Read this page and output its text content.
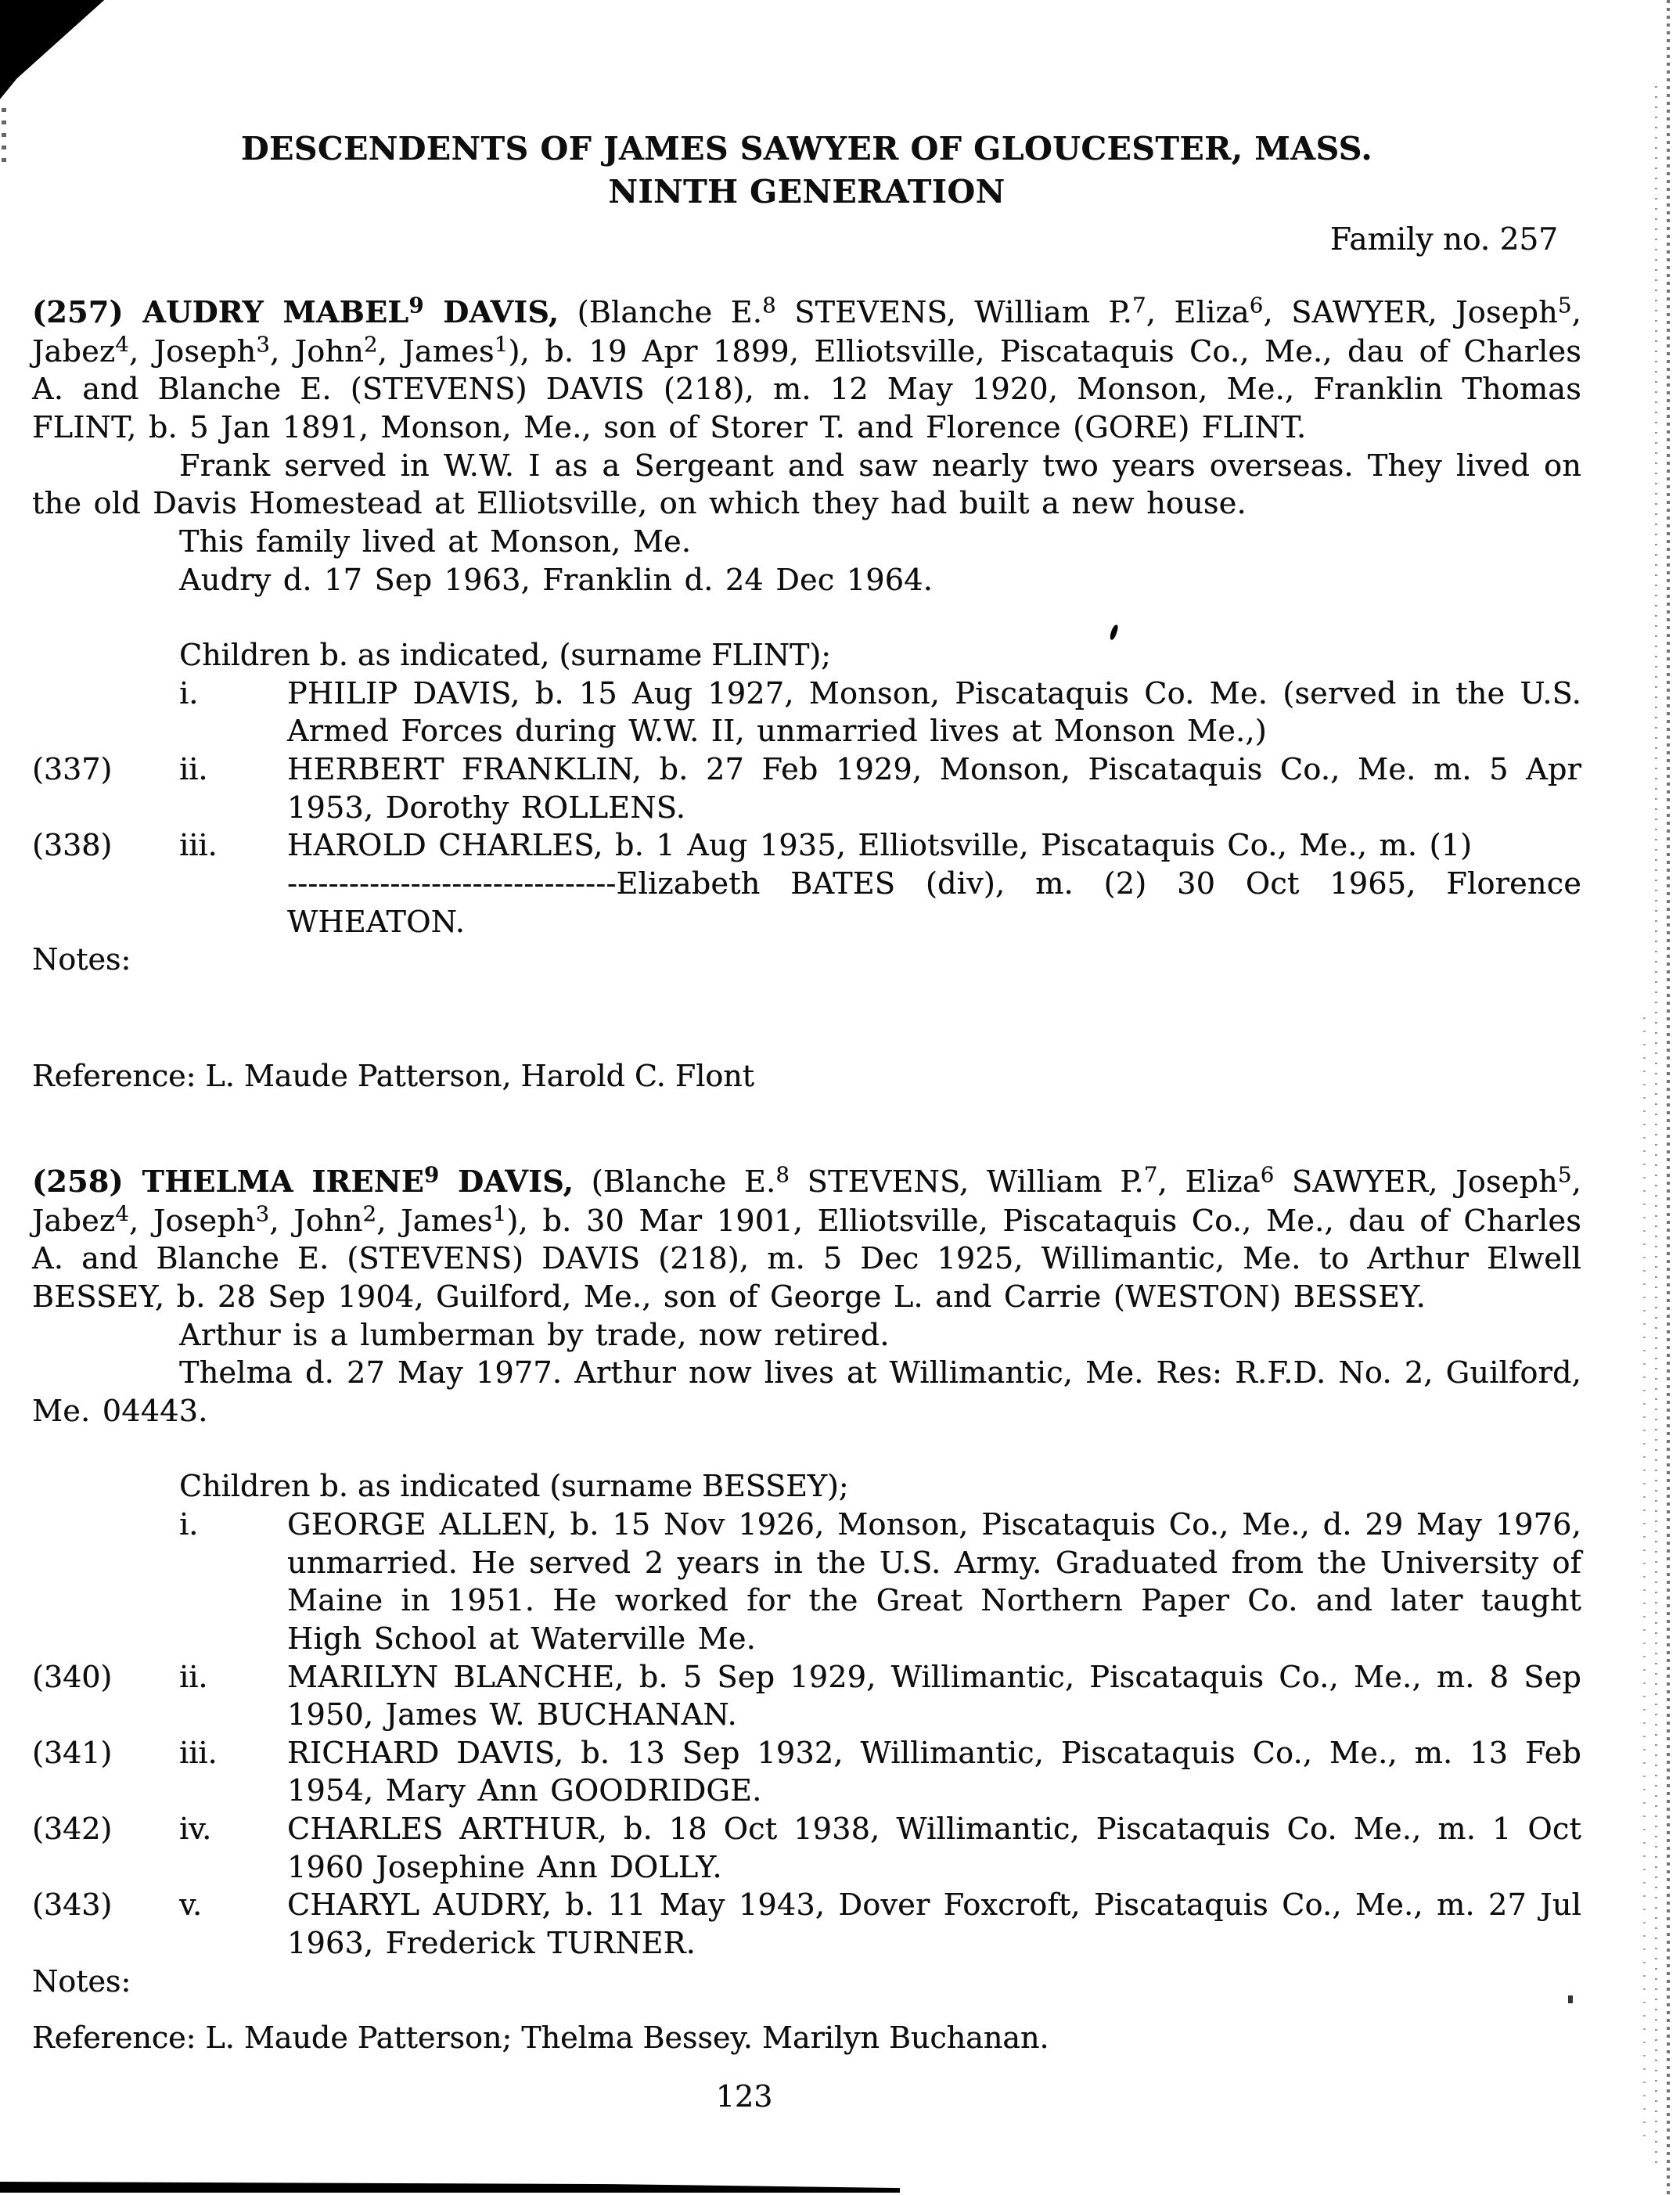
DESCENDENTS OF JAMES SAWYER OF GLOUCESTER, MASS.
NINTH GENERATION
Family no. 257

(257) AUDRY MABEL$^9$ DAVIS, (Blanche E.$^8$ STEVENS, William P.$^7$, Eliza$^6$, SAWYER, Joseph$^5$, Jabez$^4$, Joseph$^3$, John$^2$, James$^1$), b. 19 Apr 1899, Elliotsville, Piscataquis Co., Me., dau of Charles A. and Blanche E. (STEVENS) DAVIS (218), m. 12 May 1920, Monson, Me., Franklin Thomas FLINT, b. 5 Jan 1891, Monson, Me., son of Storer T. and Florence (GORE) FLINT.

Frank served in W.W. I as a Sergeant and saw nearly two years overseas. They lived on the old Davis Homestead at Elliotsville, on which they had built a new house.

This family lived at Monson, Me.

Audry d. 17 Sep 1963, Franklin d. 24 Dec 1964.

Children b. as indicated, (surname FLINT);

i.	PHILIP DAVIS, b. 15 Aug 1927, Monson, Piscataquis Co. Me. (served in the U.S. Armed Forces during W.W. II, unmarried lives at Monson Me.,)
(337)	ii.	HERBERT FRANKLIN, b. 27 Feb 1929, Monson, Piscataquis Co., Me. m. 5 Apr 1953, Dorothy ROLLENS.
(338)	iii.	HAROLD CHARLES, b. 1 Aug 1935, Elliotsville, Piscataquis Co., Me., m. (1)
--------------------------------Elizabeth BATES (div), m. (2) 30 Oct 1965, Florence WHEATON.

Notes:

Reference: L. Maude Patterson, Harold C. Flont

(258) THELMA IRENE$^9$ DAVIS, (Blanche E.$^8$ STEVENS, William P.$^7$, Eliza$^6$ SAWYER, Joseph$^5$, Jabez$^4$, Joseph$^3$, John$^2$, James$^1$), b. 30 Mar 1901, Elliotsville, Piscataquis Co., Me., dau of Charles A. and Blanche E. (STEVENS) DAVIS (218), m. 5 Dec 1925, Willimantic, Me. to Arthur Elwell BESSEY, b. 28 Sep 1904, Guilford, Me., son of George L. and Carrie (WESTON) BESSEY.

Arthur is a lumberman by trade, now retired.

Thelma d. 27 May 1977. Arthur now lives at Willimantic, Me. Res: R.F.D. No. 2, Guilford, Me. 04443.

Children b. as indicated (surname BESSEY);

i.	GEORGE ALLEN, b. 15 Nov 1926, Monson, Piscataquis Co., Me., d. 29 May 1976, unmarried. He served 2 years in the U.S. Army. Graduated from the University of Maine in 1951. He worked for the Great Northern Paper Co. and later taught High School at Waterville Me.
(340)	ii.	MARILYN BLANCHE, b. 5 Sep 1929, Willimantic, Piscataquis Co., Me., m. 8 Sep 1950, James W. BUCHANAN.
(341)	iii.	RICHARD DAVIS, b. 13 Sep 1932, Willimantic, Piscataquis Co., Me., m. 13 Feb 1954, Mary Ann GOODRIDGE.
(342)	iv.	CHARLES ARTHUR, b. 18 Oct 1938, Willimantic, Piscataquis Co. Me., m. 1 Oct 1960 Josephine Ann DOLLY.
(343)	v.	CHARYL AUDRY, b. 11 May 1943, Dover Foxcroft, Piscataquis Co., Me., m. 27 Jul 1963, Frederick TURNER.

Notes:

Reference: L. Maude Patterson; Thelma Bessey. Marilyn Buchanan.

123
